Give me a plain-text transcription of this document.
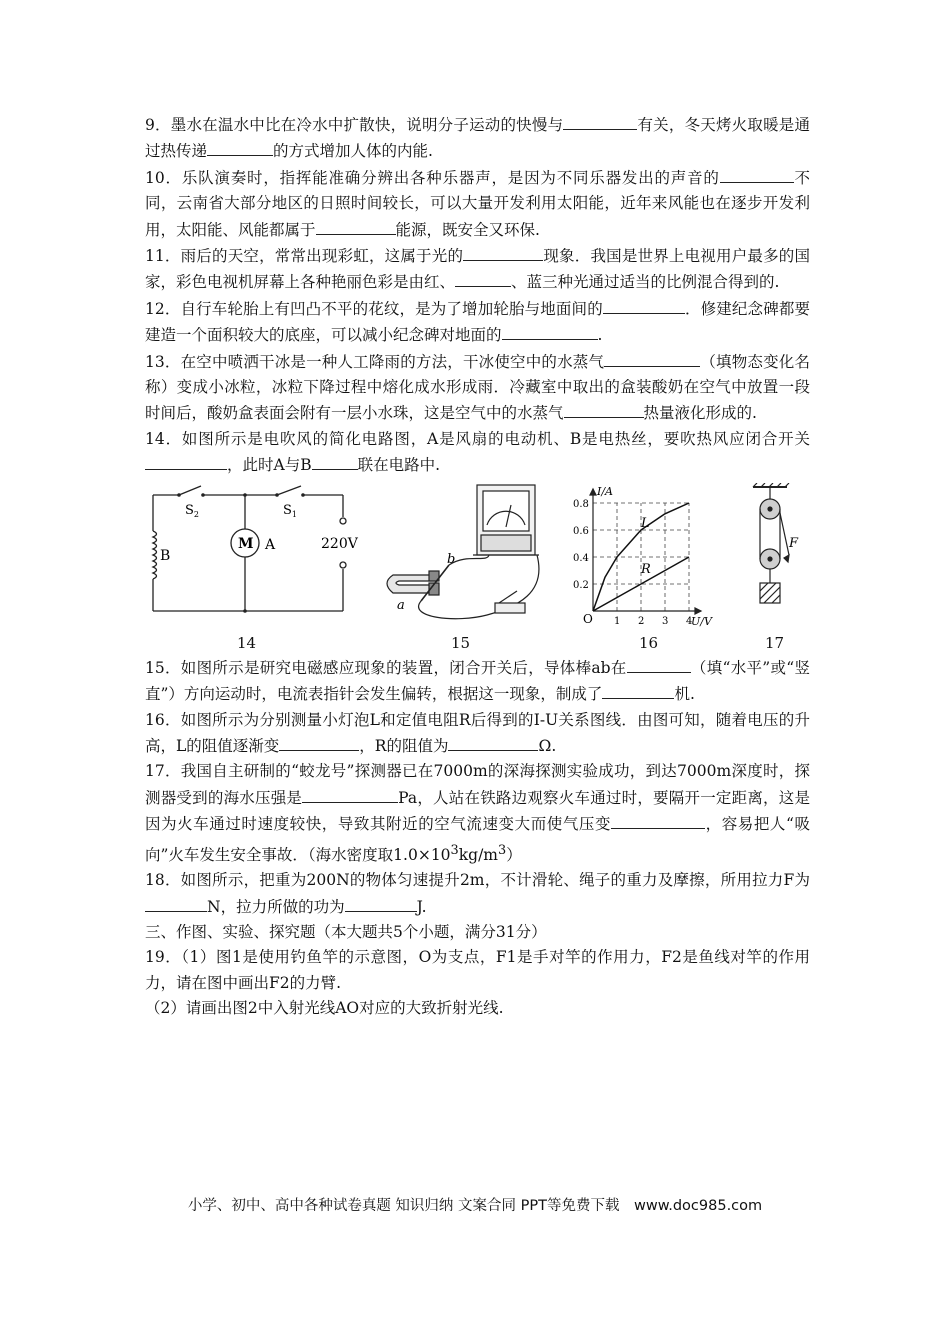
9．墨水在温水中比在冷水中扩散快，说明分子运动的快慢与	有关，冬天烤火取暖是通过热传递	的方式增加人体的内能.

10．乐队演奏时，指挥能准确分辨出各种乐器声，是因为不同乐器发出的声音的	不同，云南省大部分地区的日照时间较长，可以大量开发利用太阳能，近年来风能也在逐步开发利用，太阳能、风能都属于	能源，既安全又环保.

11．雨后的天空，常常出现彩虹，这属于光的	现象．我国是世界上电视用户最多的国家，彩色电视机屏幕上各种艳丽色彩是由红、	、蓝三种光通过适当的比例混合得到的.

12．自行车轮胎上有凹凸不平的花纹，是为了增加轮胎与地面间的	．修建纪念碑都要建造一个面积较大的底座，可以减小纪念碑对地面的	.

13．在空中喷洒干冰是一种人工降雨的方法，干冰使空中的水蒸气	（填物态变化名称）变成小冰粒，冰粒下降过程中熔化成水形成雨．冷藏室中取出的盒装酸奶在空气中放置一段时间后，酸奶盒表面会附有一层小水珠，这是空气中的水蒸气	热量液化形成的.

14．如图所示是电吹风的简化电路图，A是风扇的电动机、B是电热丝，要吹热风应闭合开关，此时A与B	联在电路中.

$S_2$	$S_1$
B
M A	220V
14
b
a
15
1 2 3 4
0.2
0.4
0.6
0.8
I/A
U/V
O
L
R
16
F
17

15．如图所示是研究电磁感应现象的装置，闭合开关后，导体棒ab在	（填“水平”或“竖直”）方向运动时，电流表指针会发生偏转，根据这一现象，制成了	机.

16．如图所示为分别测量小灯泡L和定值电阻R后得到的I-U关系图线．由图可知，随着电压的升高，L的阻值逐渐变	，R的阻值为	Ω.

17．我国自主研制的“蛟龙号”探测器已在7000m的深海探测实验成功，到达7000m深度时，探测器受到的海水压强是	Pa，人站在铁路边观察火车通过时，要隔开一定距离，这是因为火车通过时速度较快，导致其附近的空气流速变大而使气压变	，容易把人“吸向”火车发生安全事故．（海水密度取$1.0\times 10^3kg/m^3$）

18．如图所示，把重为200N的物体匀速提升2m，不计滑轮、绳子的重力及摩擦，所用拉力F为N，拉力所做的功为	J.

三、作图、实验、探究题（本大题共5个小题，满分31分）

19．（1）图1是使用钓鱼竿的示意图，O为支点，F1是手对竿的作用力，F2是鱼线对竿的作用力，请在图中画出F2的力臂.

（2）请画出图2中入射光线AO对应的大致折射光线.

小学、初中、高中各种试卷真题 知识归纳 文案合同 PPT等免费下载　www.doc985.com
